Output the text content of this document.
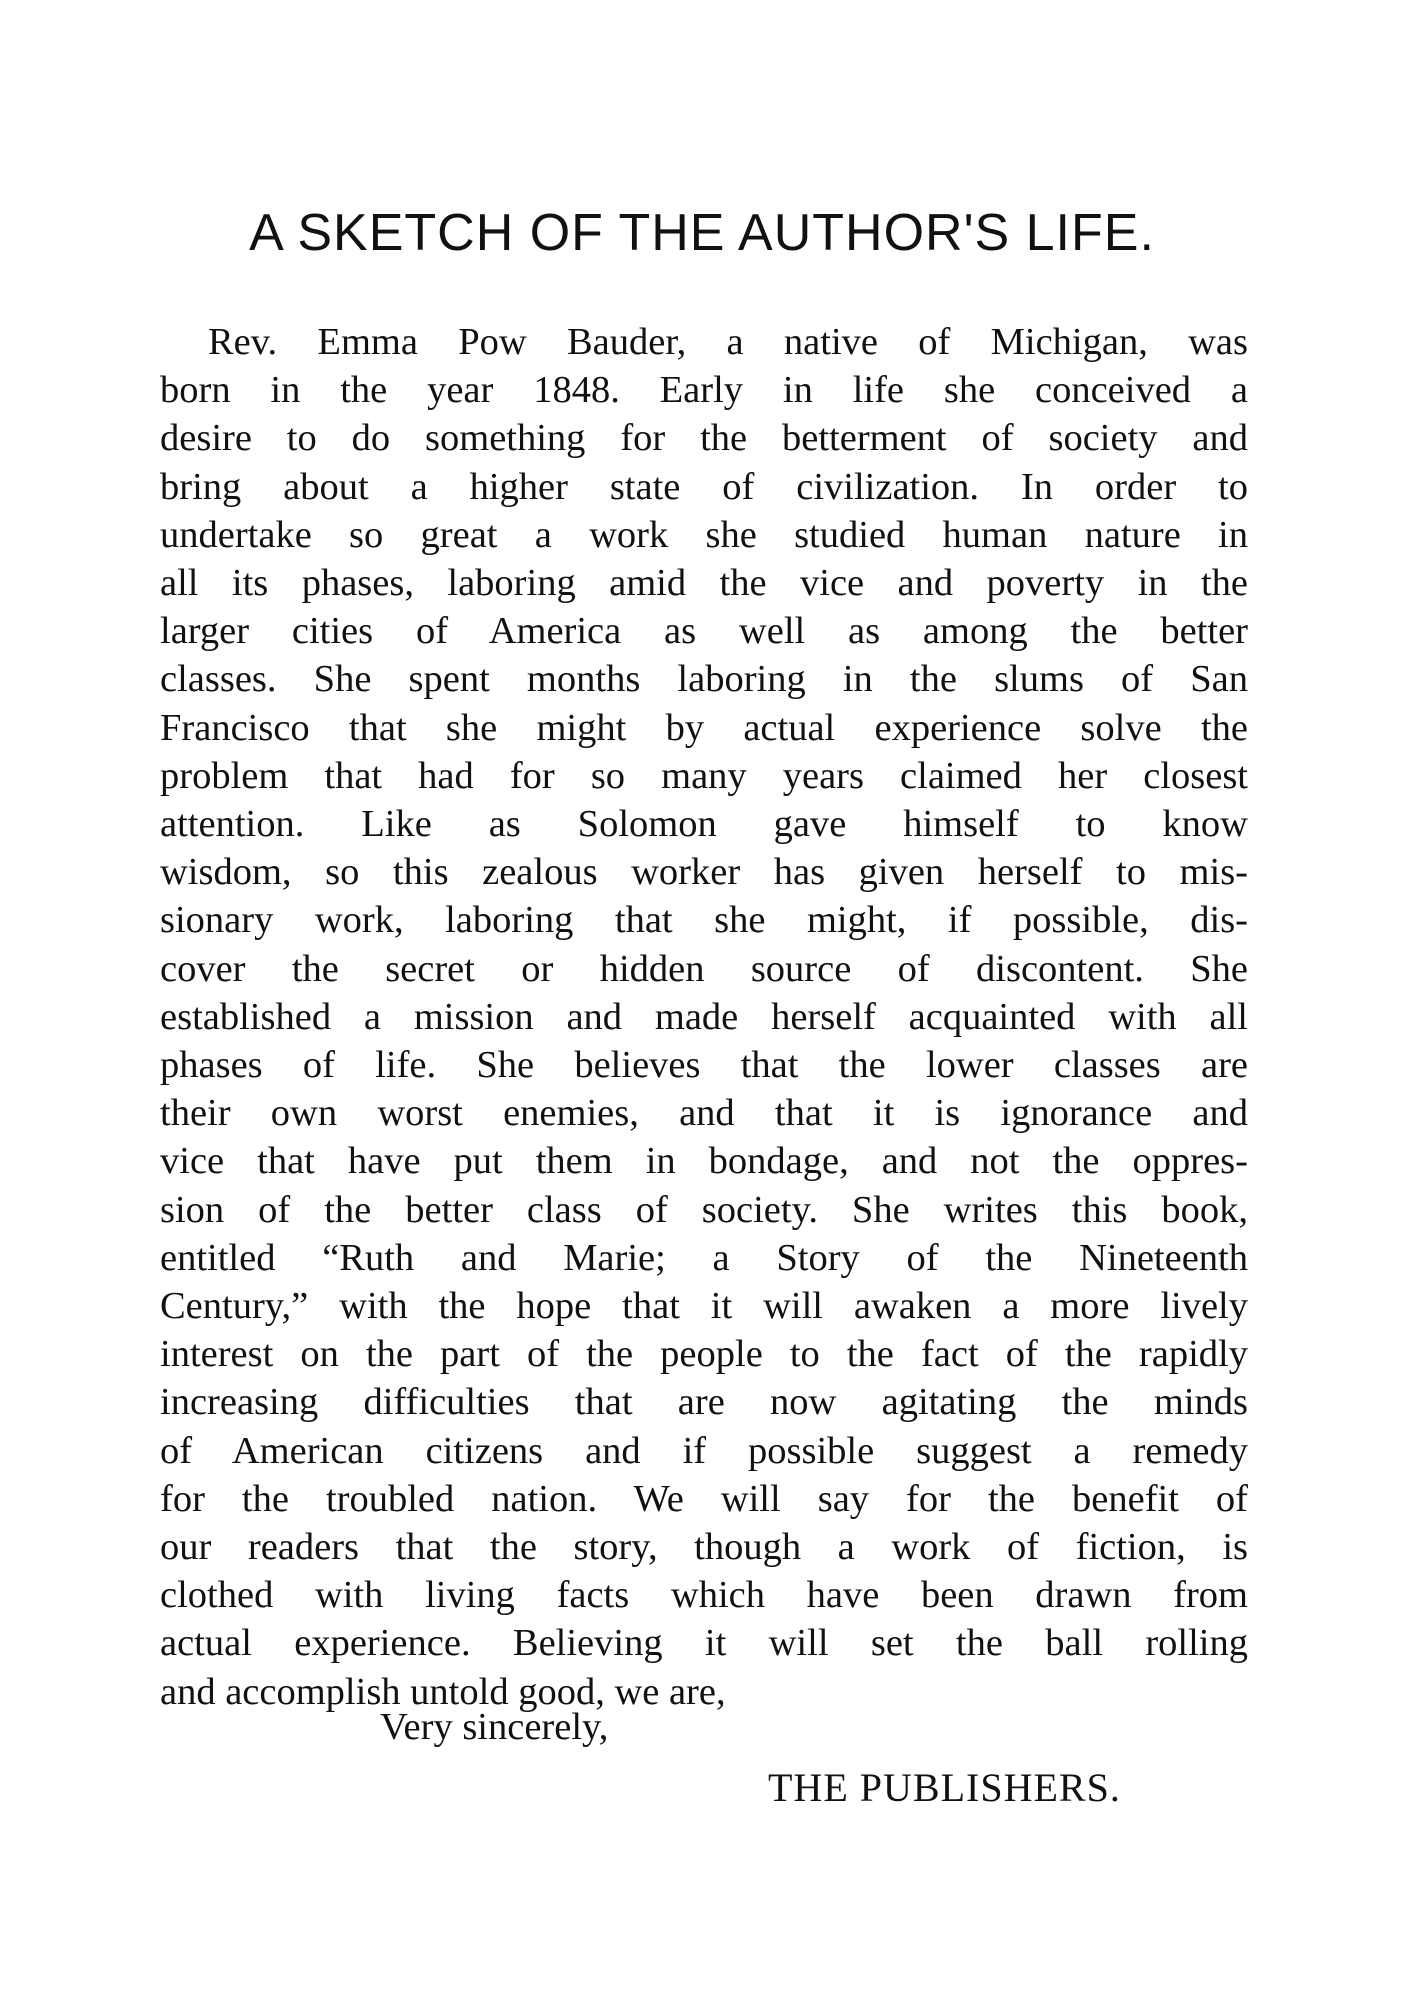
A SKETCH OF THE AUTHOR'S LIFE.
Rev. Emma Pow Bauder, a native of Michigan, was
born in the year 1848. Early in life she conceived a
desire to do something for the betterment of society and
bring about a higher state of civilization. In order to
undertake so great a work she studied human nature in
all its phases, laboring amid the vice and poverty in the
larger cities of America as well as among the better
classes. She spent months laboring in the slums of San
Francisco that she might by actual experience solve the
problem that had for so many years claimed her closest
attention. Like as Solomon gave himself to know
wisdom, so this zealous worker has given herself to mis-
sionary work, laboring that she might, if possible, dis-
cover the secret or hidden source of discontent. She
established a mission and made herself acquainted with all
phases of life. She believes that the lower classes are
their own worst enemies, and that it is ignorance and
vice that have put them in bondage, and not the oppres-
sion of the better class of society. She writes this book,
entitled “Ruth and Marie; a Story of the Nineteenth
Century,” with the hope that it will awaken a more lively
interest on the part of the people to the fact of the rapidly
increasing difficulties that are now agitating the minds
of American citizens and if possible suggest a remedy
for the troubled nation. We will say for the benefit of
our readers that the story, though a work of fiction, is
clothed with living facts which have been drawn from
actual experience. Believing it will set the ball rolling
and accomplish untold good, we are,
Very sincerely,
THE PUBLISHERS.
